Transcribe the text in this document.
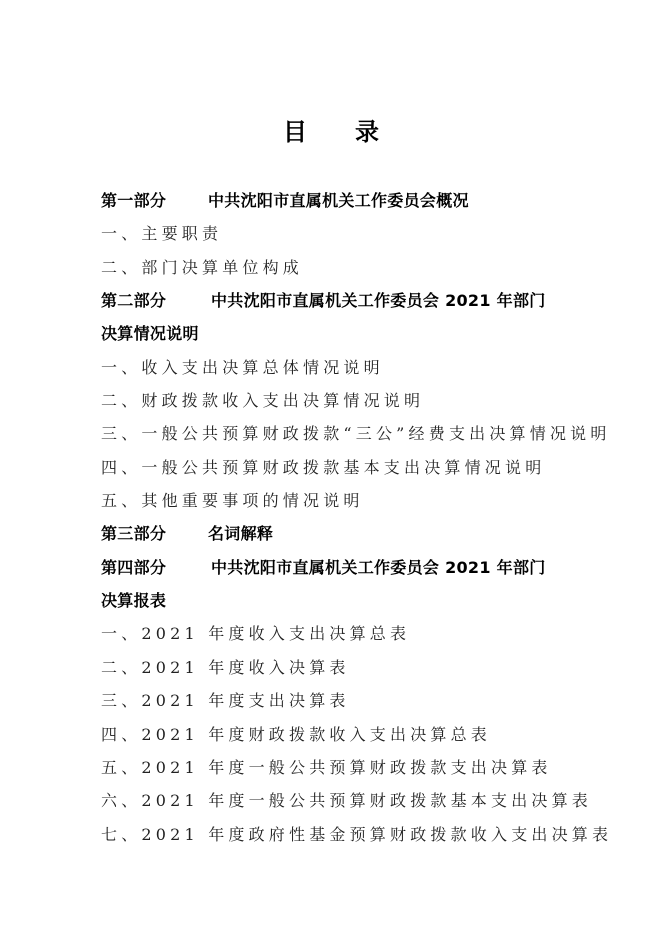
目 录
第一部分	中共沈阳市直属机关工作委员会概况
一、主要职责
二、部门决算单位构成
第二部分	中共沈阳市直属机关工作委员会 2021 年部门
决算情况说明
一、收入支出决算总体情况说明
二、财政拨款收入支出决算情况说明
三、一般公共预算财政拨款“三公”经费支出决算情况说明
四、一般公共预算财政拨款基本支出决算情况说明
五、其他重要事项的情况说明
第三部分	名词解释
第四部分	中共沈阳市直属机关工作委员会 2021 年部门
决算报表
一、2021 年度收入支出决算总表
二、2021 年度收入决算表
三、2021 年度支出决算表
四、2021 年度财政拨款收入支出决算总表
五、2021 年度一般公共预算财政拨款支出决算表
六、2021 年度一般公共预算财政拨款基本支出决算表
七、2021 年度政府性基金预算财政拨款收入支出决算表
